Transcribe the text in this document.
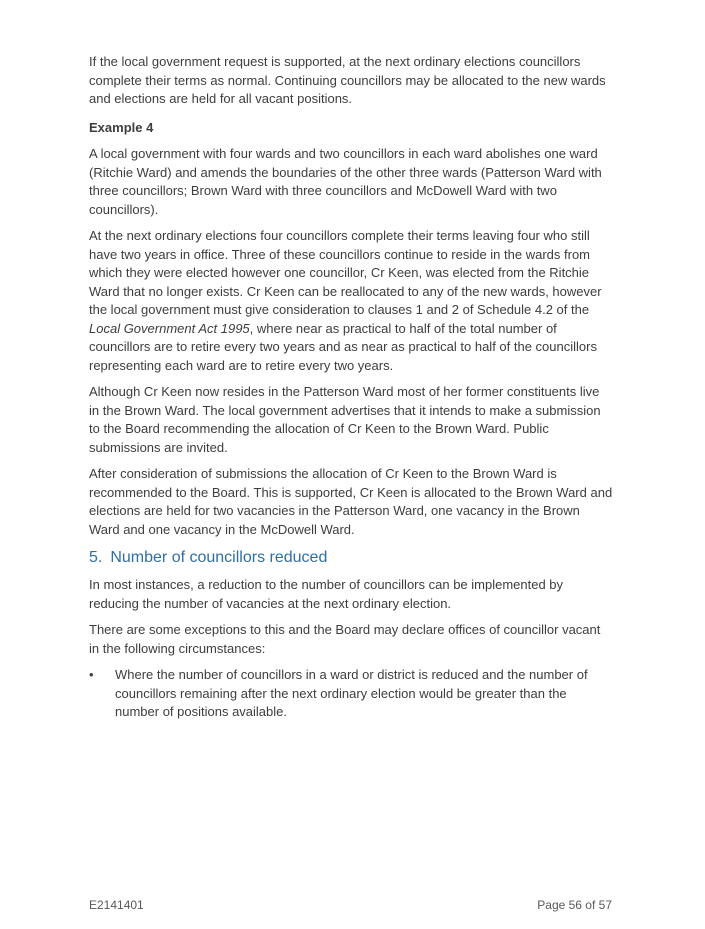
If the local government request is supported, at the next ordinary elections councillors complete their terms as normal. Continuing councillors may be allocated to the new wards and elections are held for all vacant positions.

Example 4

A local government with four wards and two councillors in each ward abolishes one ward (Ritchie Ward) and amends the boundaries of the other three wards (Patterson Ward with three councillors; Brown Ward with three councillors and McDowell Ward with two councillors).

At the next ordinary elections four councillors complete their terms leaving four who still have two years in office. Three of these councillors continue to reside in the wards from which they were elected however one councillor, Cr Keen, was elected from the Ritchie Ward that no longer exists. Cr Keen can be reallocated to any of the new wards, however the local government must give consideration to clauses 1 and 2 of Schedule 4.2 of the Local Government Act 1995, where near as practical to half of the total number of councillors are to retire every two years and as near as practical to half of the councillors representing each ward are to retire every two years.

Although Cr Keen now resides in the Patterson Ward most of her former constituents live in the Brown Ward. The local government advertises that it intends to make a submission to the Board recommending the allocation of Cr Keen to the Brown Ward. Public submissions are invited.

After consideration of submissions the allocation of Cr Keen to the Brown Ward is recommended to the Board. This is supported, Cr Keen is allocated to the Brown Ward and elections are held for two vacancies in the Patterson Ward, one vacancy in the Brown Ward and one vacancy in the McDowell Ward.

5. Number of councillors reduced

In most instances, a reduction to the number of councillors can be implemented by reducing the number of vacancies at the next ordinary election.

There are some exceptions to this and the Board may declare offices of councillor vacant in the following circumstances:

•	Where the number of councillors in a ward or district is reduced and the number of councillors remaining after the next ordinary election would be greater than the number of positions available.
E2141401	Page 56 of 57
